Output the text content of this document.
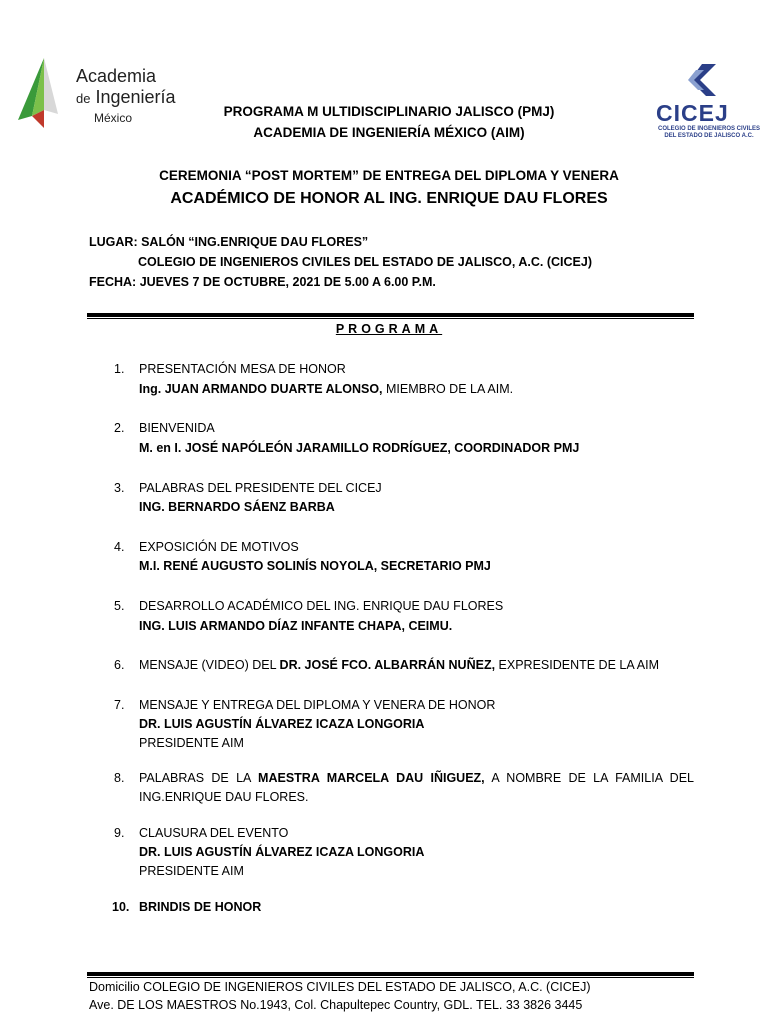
Academia
de Ingeniería
México	CICEJ
COLEGIO DE INGENIEROS CIVILES
DEL ESTADO DE JALISCO A.C.
PROGRAMA M ULTIDISCIPLINARIO JALISCO (PMJ)
ACADEMIA DE INGENIERÍA MÉXICO (AIM)
CEREMONIA “POST MORTEM” DE ENTREGA DEL DIPLOMA Y VENERA
ACADÉMICO DE HONOR AL ING. ENRIQUE DAU FLORES
LUGAR: SALÓN “ING.ENRIQUE DAU FLORES”
COLEGIO DE INGENIEROS CIVILES DEL ESTADO DE JALISCO, A.C. (CICEJ)
FECHA: JUEVES 7 DE OCTUBRE, 2021 DE 5.00 A 6.00 P.M.
PROGRAMA
1. PRESENTACIÓN MESA DE HONOR
Ing. JUAN ARMANDO DUARTE ALONSO, MIEMBRO DE LA AIM.
2. BIENVENIDA
M. en I. JOSÉ NAPÓLEÓN JARAMILLO RODRÍGUEZ, COORDINADOR PMJ
3. PALABRAS DEL PRESIDENTE DEL CICEJ
ING. BERNARDO SÁENZ BARBA
4. EXPOSICIÓN DE MOTIVOS
M.I. RENÉ AUGUSTO SOLINÍS NOYOLA, SECRETARIO PMJ
5. DESARROLLO ACADÉMICO DEL ING. ENRIQUE DAU FLORES
ING. LUIS ARMANDO DÍAZ INFANTE CHAPA, CEIMU.
6. MENSAJE (VIDEO) DEL DR. JOSÉ FCO. ALBARRÁN NUÑEZ, EXPRESIDENTE DE LA AIM
7. MENSAJE Y ENTREGA DEL DIPLOMA Y VENERA DE HONOR
DR. LUIS AGUSTÍN ÁLVAREZ ICAZA LONGORIA
PRESIDENTE AIM
8. PALABRAS DE LA MAESTRA MARCELA DAU IÑIGUEZ, A NOMBRE DE LA FAMILIA DEL
ING.ENRIQUE DAU FLORES.
9. CLAUSURA DEL EVENTO
DR. LUIS AGUSTÍN ÁLVAREZ ICAZA LONGORIA
PRESIDENTE AIM
10. BRINDIS DE HONOR
Domicilio COLEGIO DE INGENIEROS CIVILES DEL ESTADO DE JALISCO, A.C. (CICEJ)
Ave. DE LOS MAESTROS No.1943, Col. Chapultepec Country, GDL. TEL. 33 3826 3445
